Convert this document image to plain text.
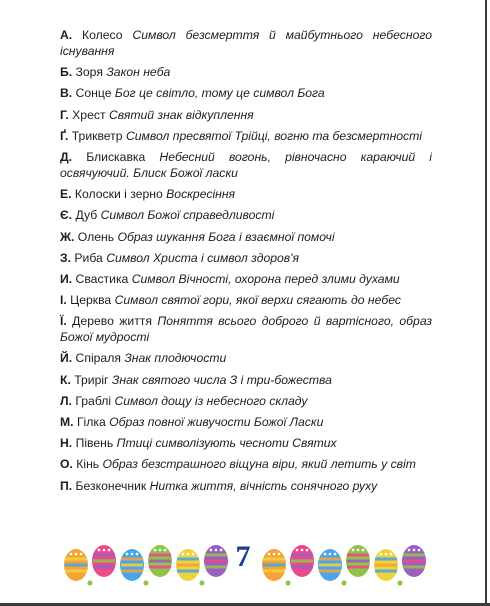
А. Колесо Символ безсмерття й майбутнього небесного існування

Б. Зоря Закон неба

В. Сонце Бог це світло, тому це символ Бога

Г. Хрест Святий знак відкуплення

Ґ. Трикветр Символ пресвятої Трійці, вогню та безсмертності

Д. Блискавка Небесний вогонь, рівночасно караючий і освячуючий. Блиск Божої ласки

Е. Колоски і зерно Воскресіння

Є. Дуб Символ Божої справедливості

Ж. Олень Образ шукання Бога і взаємної помочі

З. Риба Символ Христа і символ здоров'я

И. Свастика Символ Вічності, охорона перед злими духами

І. Церква Символ святої гори, якої верхи сягають до небес

Ї. Дерево життя Поняття всього доброго й вартісного, образ Божої мудрості

Й. Спіраля Знак плодючости

К. Триріг Знак святого числа З і три-божества

Л. Граблі Символ дощу із небесного складу

М. Гілка Образ повної живучости Божої Ласки

Н. Півень Птиці символізують чесноти Святих

О. Кінь Образ безстрашного віщуна віри, який летить у світ

П. Безконечник Нитка життя, вічність сонячного руху

7
